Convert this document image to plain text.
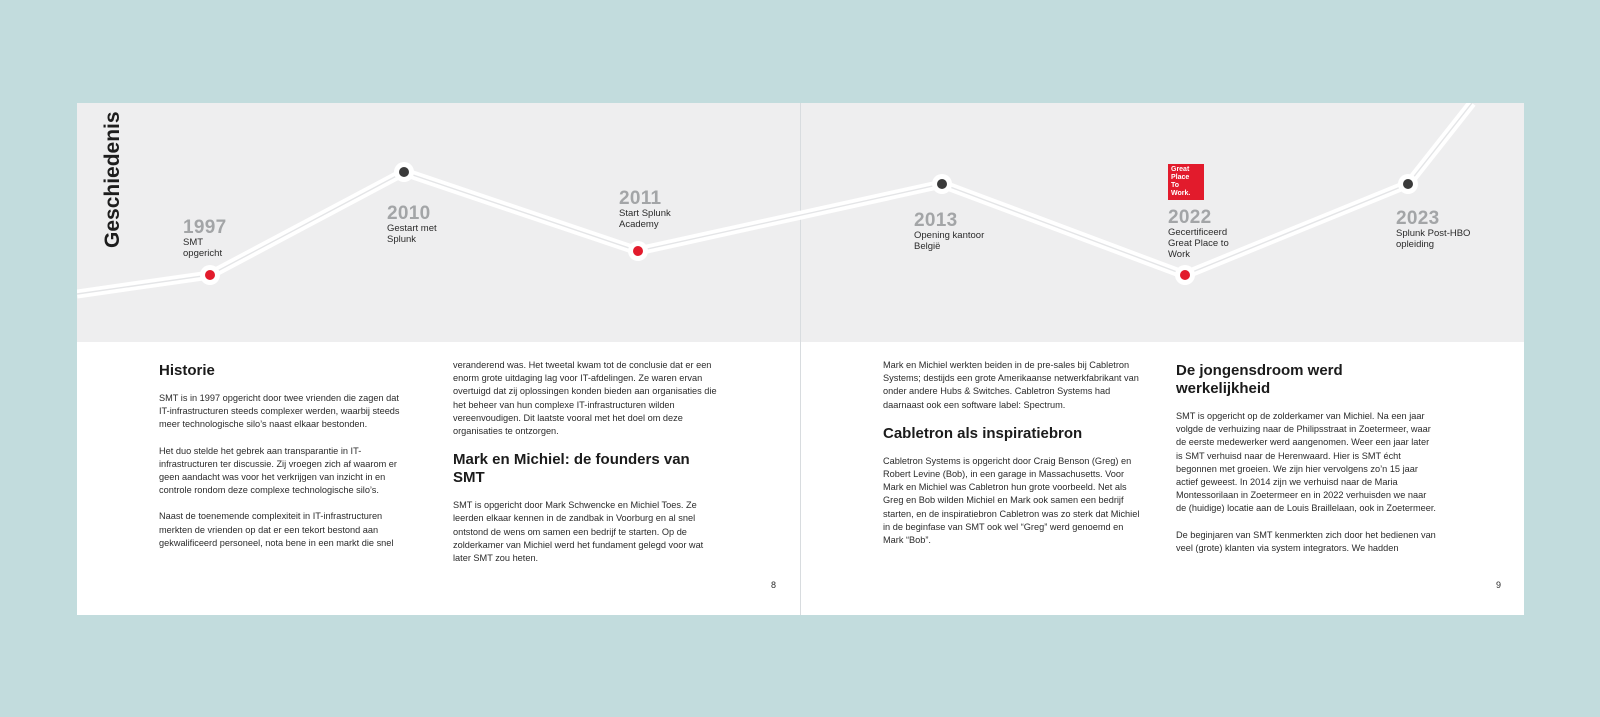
Geschiedenis	1997
SMT
opgericht
2010
Gestart met
Splunk
2011
Start Splunk
Academy	2013
Opening kantoor
België
Great
Place
To
Work.
2022
Gecertificeerd
Great Place to
Work
2023
Splunk Post-HBO
opleiding
Historie

SMT is in 1997 opgericht door twee vrienden die zagen dat IT-infrastructuren steeds complexer werden, waarbij steeds meer technologische silo’s naast elkaar bestonden.

Het duo stelde het gebrek aan transparantie in IT-infrastructuren ter discussie. Zij vroegen zich af waarom er geen aandacht was voor het verkrijgen van inzicht in en controle rondom deze complexe technologische silo’s.

Naast de toenemende complexiteit in IT-infrastructuren merkten de vrienden op dat er een tekort bestond aan gekwalificeerd personeel, nota bene in een markt die snel

veranderend was. Het tweetal kwam tot de conclusie dat er een enorm grote uitdaging lag voor IT-afdelingen. Ze waren ervan overtuigd dat zij oplossingen konden bieden aan organisaties die het beheer van hun complexe IT-infrastructuren wilden vereenvoudigen. Dit laatste vooral met het doel om deze organisaties te ontzorgen.

Mark en Michiel: de founders van SMT

SMT is opgericht door Mark Schwencke en Michiel Toes. Ze leerden elkaar kennen in de zandbak in Voorburg en al snel ontstond de wens om samen een bedrijf te starten. Op de zolderkamer van Michiel werd het fundament gelegd voor wat later SMT zou heten.

8

Mark en Michiel werkten beiden in de pre-sales bij Cabletron Systems; destijds een grote Amerikaanse netwerkfabrikant van onder andere Hubs & Switches. Cabletron Systems had daarnaast ook een software label: Spectrum.

Cabletron als inspiratiebron

Cabletron Systems is opgericht door Craig Benson (Greg) en Robert Levine (Bob), in een garage in Massachusetts. Voor Mark en Michiel was Cabletron hun grote voorbeeld. Net als Greg en Bob wilden Michiel en Mark ook samen een bedrijf starten, en de inspiratiebron Cabletron was zo sterk dat Michiel in de beginfase van SMT ook wel “Greg” werd genoemd en Mark “Bob”.

De jongensdroom werd werkelijkheid

SMT is opgericht op de zolderkamer van Michiel. Na een jaar volgde de verhuizing naar de Philipsstraat in Zoetermeer, waar de eerste medewerker werd aangenomen. Weer een jaar later is SMT verhuisd naar de Herenwaard. Hier is SMT écht begonnen met groeien. We zijn hier vervolgens zo’n 15 jaar actief geweest. In 2014 zijn we verhuisd naar de Maria Montessorilaan in Zoetermeer en in 2022 verhuisden we naar de (huidige) locatie aan de Louis Braillelaan, ook in Zoetermeer.

De beginjaren van SMT kenmerkten zich door het bedienen van veel (grote) klanten via system integrators. We hadden

9
